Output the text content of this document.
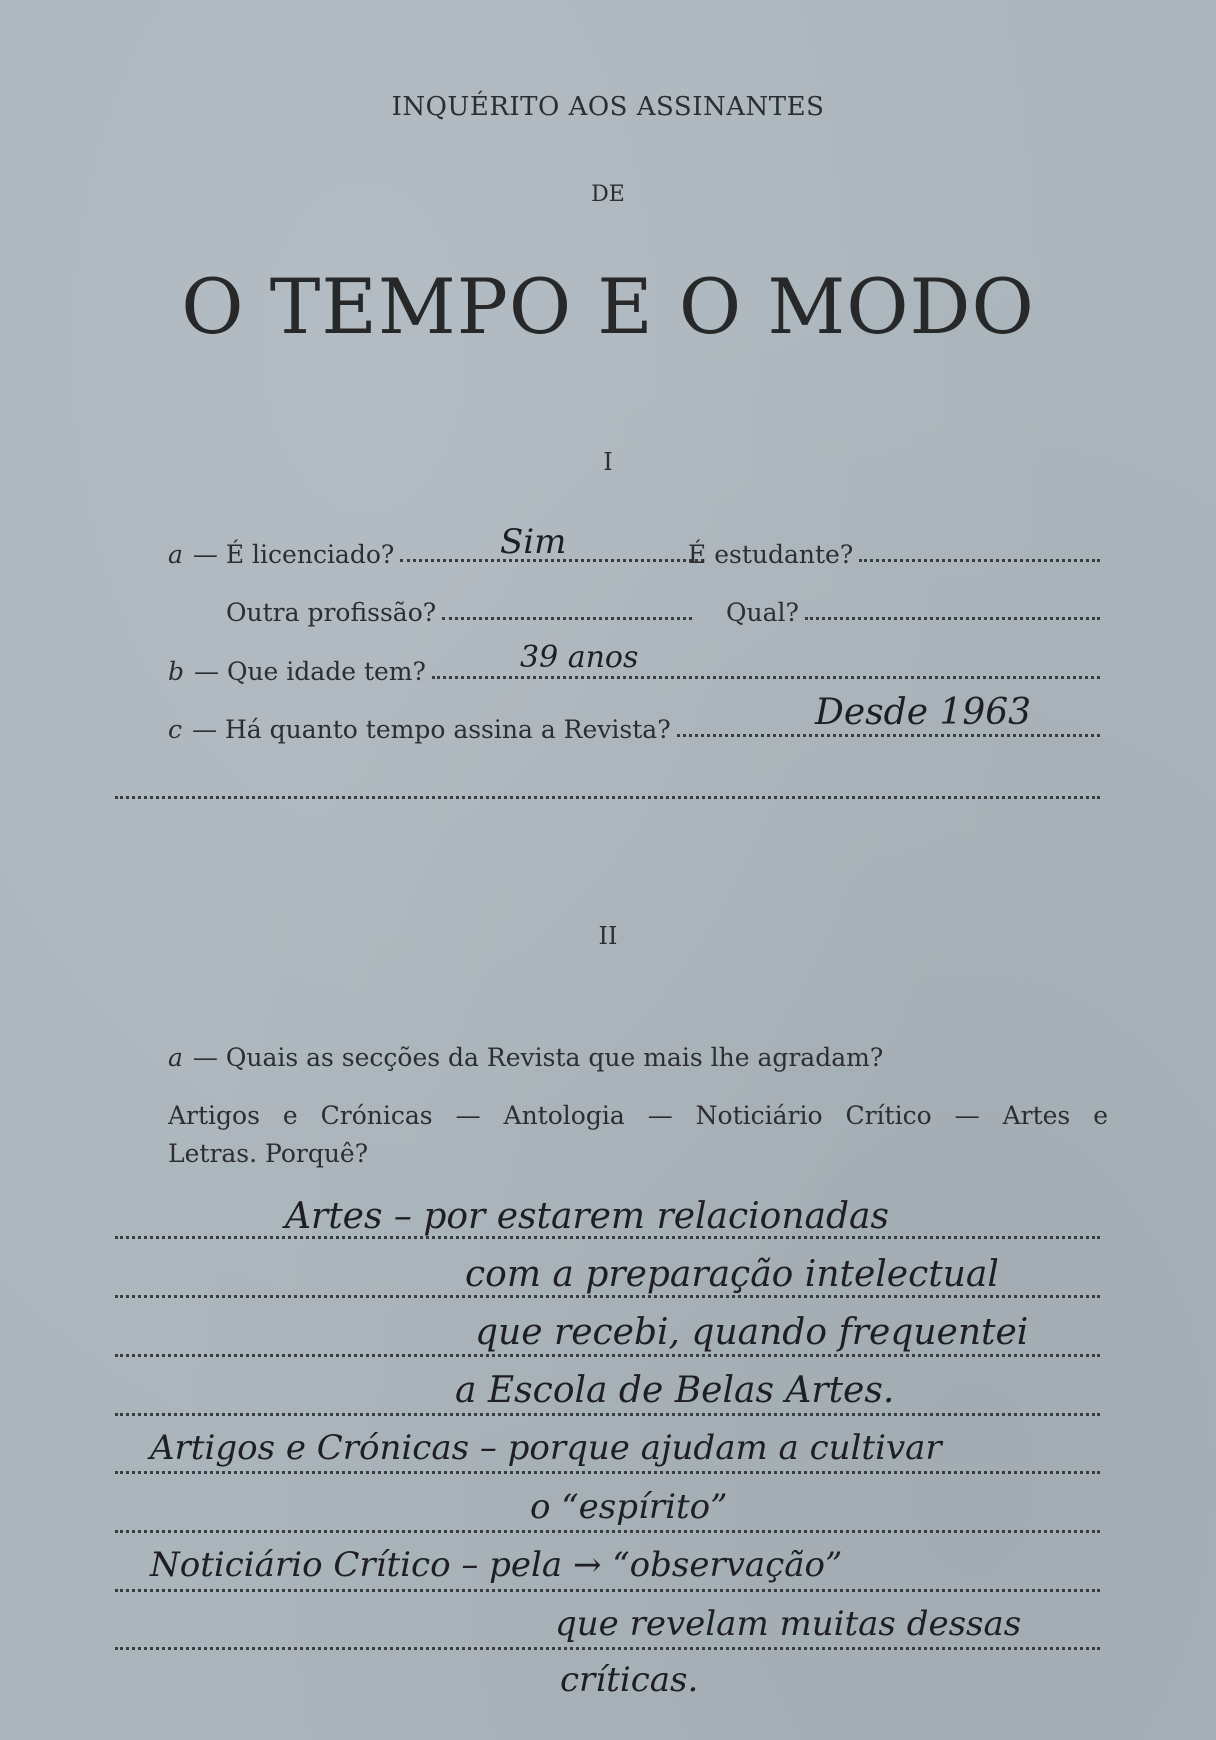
INQUÉRITO AOS ASSINANTES
DE
O TEMPO E O MODO
I
a — É licenciado?	Sim	É estudante?
Outra profissão?	Qual?
b — Que idade tem?	39 anos
c — Há quanto tempo assina a Revista?	Desde 1963
II
a — Quais as secções da Revista que mais lhe agradam?
Artigos e Crónicas — Antologia — Noticiário Crítico — Artes e
Letras. Porquê?
Artes – por estarem relacionadas
com a preparação intelectual
que recebi, quando frequentei
a Escola de Belas Artes.
Artigos e Crónicas – porque ajudam a cultivar
o “espírito”
Noticiário Crítico – pela → “observação”
que revelam muitas dessas
críticas.
